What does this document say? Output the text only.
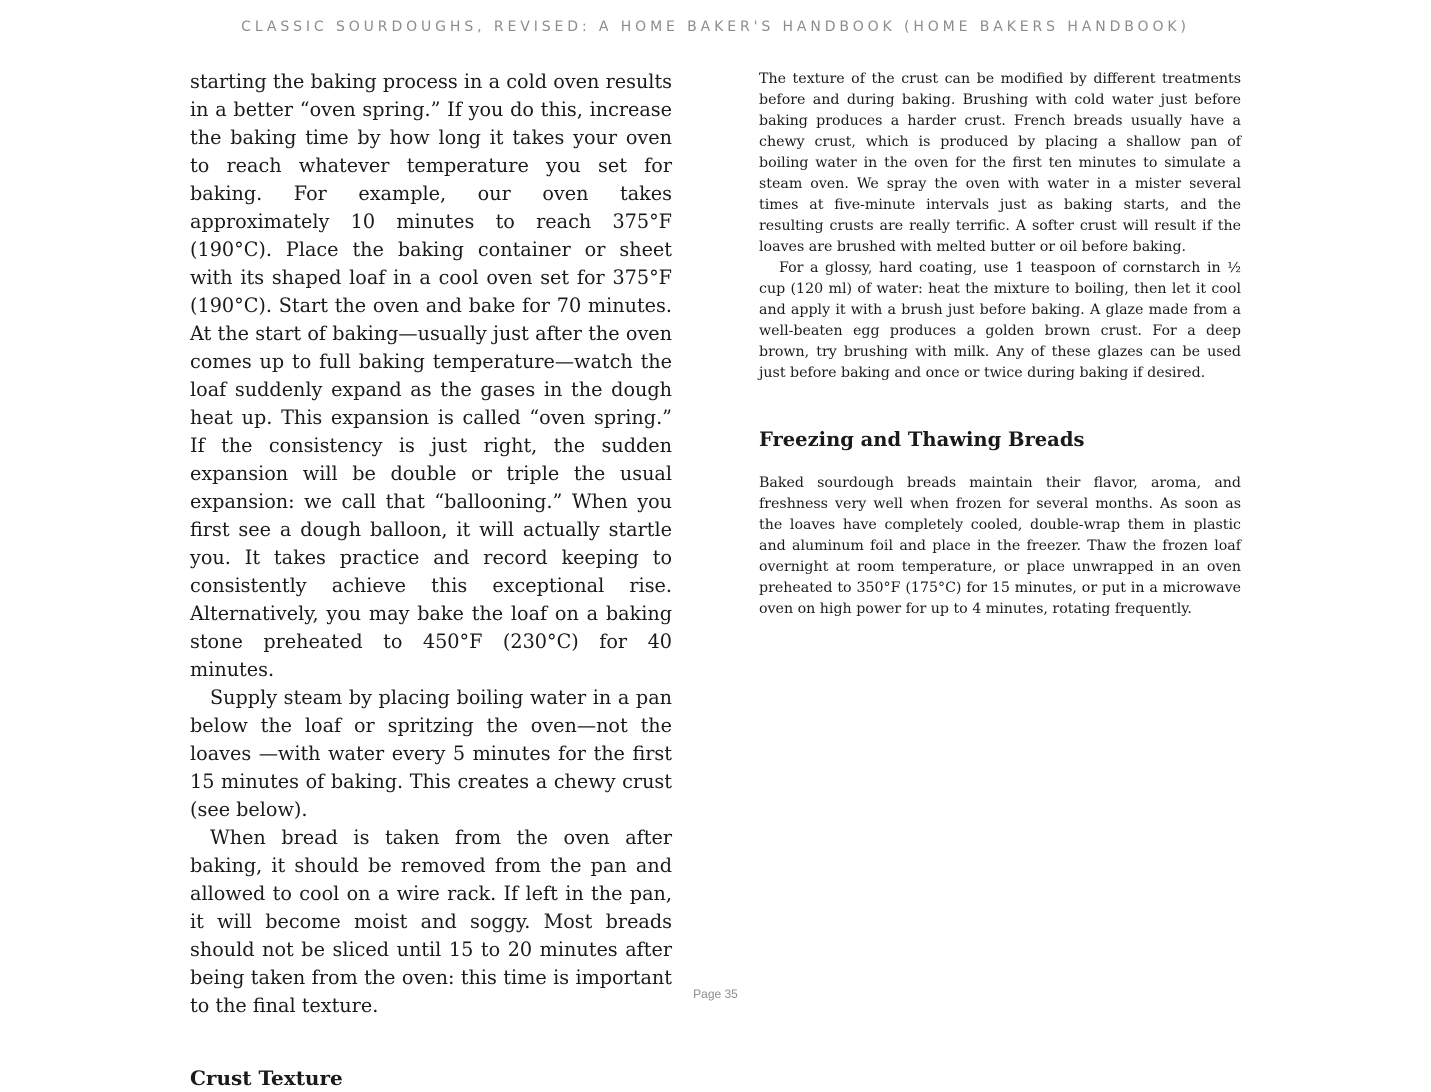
CLASSIC SOURDOUGHS, REVISED: A HOME BAKER'S HANDBOOK (HOME BAKERS HANDBOOK)

starting the baking process in a cold oven results in a better “oven spring.” If you do this, increase the baking time by how long it takes your oven to reach whatever temperature you set for baking. For example, our oven takes approximately 10 minutes to reach 375°F (190°C). Place the baking container or sheet with its shaped loaf in a cool oven set for 375°F (190°C). Start the oven and bake for 70 minutes. At the start of baking—usually just after the oven comes up to full baking temperature—watch the loaf suddenly expand as the gases in the dough heat up. This expansion is called “oven spring.” If the consistency is just right, the sudden expansion will be double or triple the usual expansion: we call that “ballooning.” When you first see a dough balloon, it will actually startle you. It takes practice and record keeping to consistently achieve this exceptional rise. Alternatively, you may bake the loaf on a baking stone preheated to 450°F (230°C) for 40 minutes.

Supply steam by placing boiling water in a pan below the loaf or spritzing the oven—not the loaves —with water every 5 minutes for the first 15 minutes of baking. This creates a chewy crust (see below).

When bread is taken from the oven after baking, it should be removed from the pan and allowed to cool on a wire rack. If left in the pan, it will become moist and soggy. Most breads should not be sliced until 15 to 20 minutes after being taken from the oven: this time is important to the final texture.

Crust Texture

The texture of the crust can be modified by different treatments before and during baking. Brushing with cold water just before baking produces a harder crust. French breads usually have a chewy crust, which is produced by placing a shallow pan of boiling water in the oven for the first ten minutes to simulate a steam oven. We spray the oven with water in a mister several times at five-minute intervals just as baking starts, and the resulting crusts are really terrific. A softer crust will result if the loaves are brushed with melted butter or oil before baking.

For a glossy, hard coating, use 1 teaspoon of cornstarch in ½ cup (120 ml) of water: heat the mixture to boiling, then let it cool and apply it with a brush just before baking. A glaze made from a well-beaten egg produces a golden brown crust. For a deep brown, try brushing with milk. Any of these glazes can be used just before baking and once or twice during baking if desired.

Freezing and Thawing Breads

Baked sourdough breads maintain their flavor, aroma, and freshness very well when frozen for several months. As soon as the loaves have completely cooled, double-wrap them in plastic and aluminum foil and place in the freezer. Thaw the frozen loaf overnight at room temperature, or place unwrapped in an oven preheated to 350°F (175°C) for 15 minutes, or put in a microwave oven on high power for up to 4 minutes, rotating frequently.

Page 35
